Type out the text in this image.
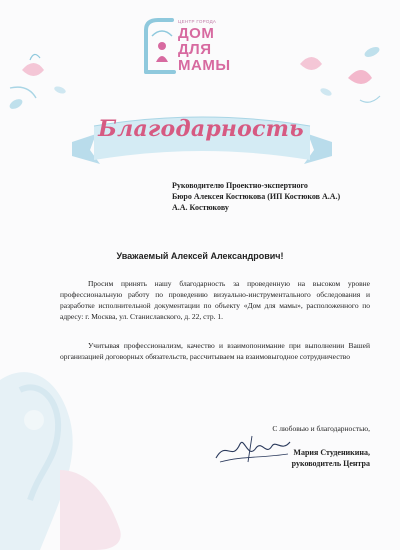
ЦЕНТР ГОРОДА
ДОМ
ДЛЯ
МАМЫ
Благодарность
Руководителю Проектно-экспертного
Бюро Алексея Костюкова (ИП Костюков А.А.)
А.А. Костюкову
Уважаемый Алексей Александрович!
Просим принять нашу благодарность за проведенную на высоком уровне профессиональную работу по проведению визуально-инструментального обследования и разработке исполнительной документации по объекту «Дом для мамы», расположенного по адресу: г. Москва, ул. Станиславского, д. 22, стр. 1.
Учитывая профессионализм, качество и взаимопонимание при выполнении Вашей организацией договорных обязательств, рассчитываем на взаимовыгодное сотрудничество
С любовью и благодарностью,
Мария Студеникина,
руководитель Центра
